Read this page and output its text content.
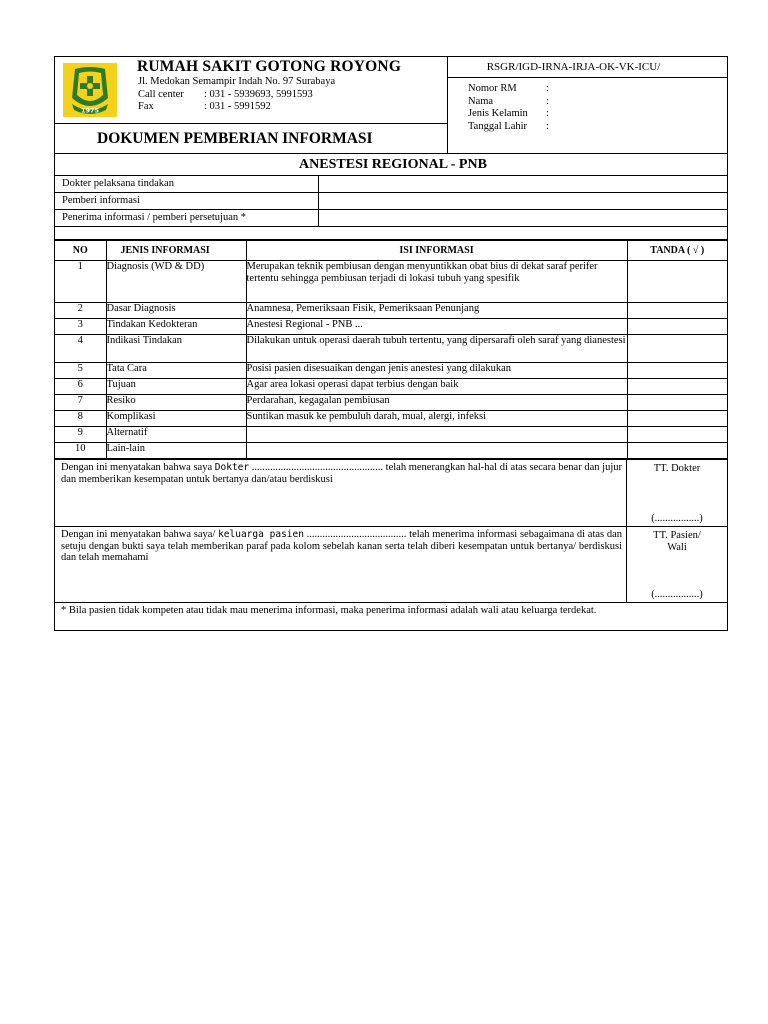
1975
RUMAH SAKIT GOTONG ROYONG
Jl. Medokan Semampir Indah No. 97 Surabaya
Call center : 031 - 5939693, 5991593
Fax	: 031 - 5991592
DOKUMEN PEMBERIAN INFORMASI
RSGR/IGD-IRNA-IRJA-OK-VK-ICU/
Nomor RM	:
Nama	:
Jenis Kelamin :
Tanggal Lahir :
ANESTESI REGIONAL - PNB
Dokter pelaksana tindakan
Pemberi informasi
Penerima informasi / pemberi persetujuan *
NO	JENIS INFORMASI	ISI INFORMASI	TANDA ( √ )
1	Diagnosis (WD & DD)	Merupakan teknik pembiusan dengan menyuntikkan obat bius di dekat saraf perifer tertentu sehingga pembiusan terjadi di lokasi tubuh yang spesifik	
2	Dasar Diagnosis	Anamnesa, Pemeriksaan Fisik, Pemeriksaan Penunjang	
3	Tindakan Kedokteran	Anestesi Regional - PNB ...	
4	Indikasi Tindakan	Dilakukan untuk operasi daerah tubuh tertentu, yang dipersarafi oleh saraf yang dianestesi	
5	Tata Cara	Posisi pasien disesuaikan dengan jenis anestesi yang dilakukan	
6	Tujuan	Agar area lokasi operasi dapat terbius dengan baik	
7	Resiko	Perdarahan, kegagalan pembiusan	
8	Komplikasi	Suntikan masuk ke pembuluh darah, mual, alergi, infeksi	
9	Alternatif		
10	Lain-lain		
Dengan ini menyatakan bahwa saya Dokter .................................................. telah menerangkan hal-hal di atas secara benar dan jujur dan memberikan kesempatan untuk bertanya dan/atau berdiskusi
TT. Dokter
(.................)
Dengan ini menyatakan bahwa saya/ keluarga pasien ...................................... telah menerima informasi sebagaimana di atas dan setuju dengan bukti saya telah memberikan paraf pada kolom sebelah kanan serta telah diberi kesempatan untuk bertanya/ berdiskusi dan telah memahami
TT. Pasien/
Wali
(.................)
* Bila pasien tidak kompeten atau tidak mau menerima informasi, maka penerima informasi adalah wali atau keluarga terdekat.
